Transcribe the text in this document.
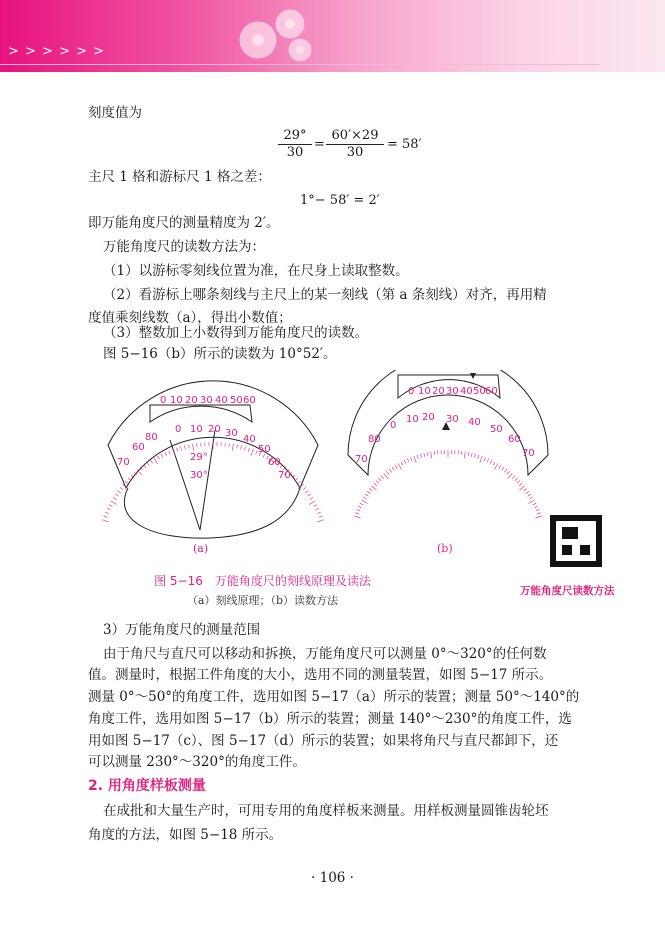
> > > > > >
刻度值为
$\frac{29^\circ}{30} = \frac{60'\times 29}{30} = 58'$
主尺 1 格和游标尺 1 格之差：
1°− 58′ = 2′
即万能角度尺的测量精度为 2′。
万能角度尺的读数方法为：
（1）以游标零刻线位置为准，在尺身上读取整数。
（2）看游标上哪条刻线与主尺上的某一刻线（第 a 条刻线）对齐，再用精
度值乘刻线数（a），得出小数值；
（3）整数加上小数得到万能角度尺的读数。
图 5−16（b）所示的读数为 10°52′。
0 10 20 30 40 50 60
70
60
80
0 10 20 30
40
50
60
70
29°
30°
0 10 20 30 40 50 60
70
80
0
10 20 30 40
50
60
70
(a)	(b)
万能角度尺读数方法
图 5−16　万能角度尺的刻线原理及读法
（a）刻线原理；（b）读数方法
3）万能角度尺的测量范围
由于角尺与直尺可以移动和拆换，万能角度尺可以测量 0°～320°的任何数
值。测量时，根据工件角度的大小，选用不同的测量装置，如图 5−17 所示。
测量 0°～50°的角度工件，选用如图 5−17（a）所示的装置；测量 50°～140°的
角度工件，选用如图 5−17（b）所示的装置；测量 140°～230°的角度工件，选
用如图 5−17（c）、图 5−17（d）所示的装置；如果将角尺与直尺都卸下，还
可以测量 230°～320°的角度工件。
2. 用角度样板测量
在成批和大量生产时，可用专用的角度样板来测量。用样板测量圆锥齿轮坯
角度的方法，如图 5−18 所示。
· 106 ·
